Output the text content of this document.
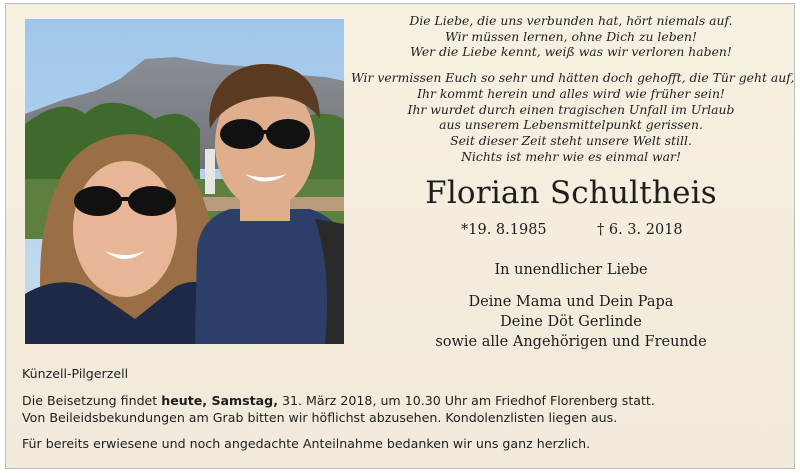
Die Liebe, die uns verbunden hat, hört niemals auf.
Wir müssen lernen, ohne Dich zu leben!
Wer die Liebe kennt, weiß was wir verloren haben!

Wir vermissen Euch so sehr und hätten doch gehofft, die Tür geht auf,
Ihr kommt herein und alles wird wie früher sein!
Ihr wurdet durch einen tragischen Unfall im Urlaub
aus unserem Lebensmittelpunkt gerissen.
Seit dieser Zeit steht unsere Welt still.
Nichts ist mehr wie es einmal war!

Florian Schultheis
*19. 8.1985	† 6. 3. 2018
In unendlicher Liebe
Deine Mama und Dein Papa
Deine Döt Gerlinde
sowie alle Angehörigen und Freunde
Künzell-Pilgerzell
Die Beisetzung findet heute, Samstag, 31. März 2018, um 10.30 Uhr am Friedhof Florenberg statt.
Von Beileidsbekundungen am Grab bitten wir höflichst abzusehen. Kondolenzlisten liegen aus.
Für bereits erwiesene und noch angedachte Anteilnahme bedanken wir uns ganz herzlich.
